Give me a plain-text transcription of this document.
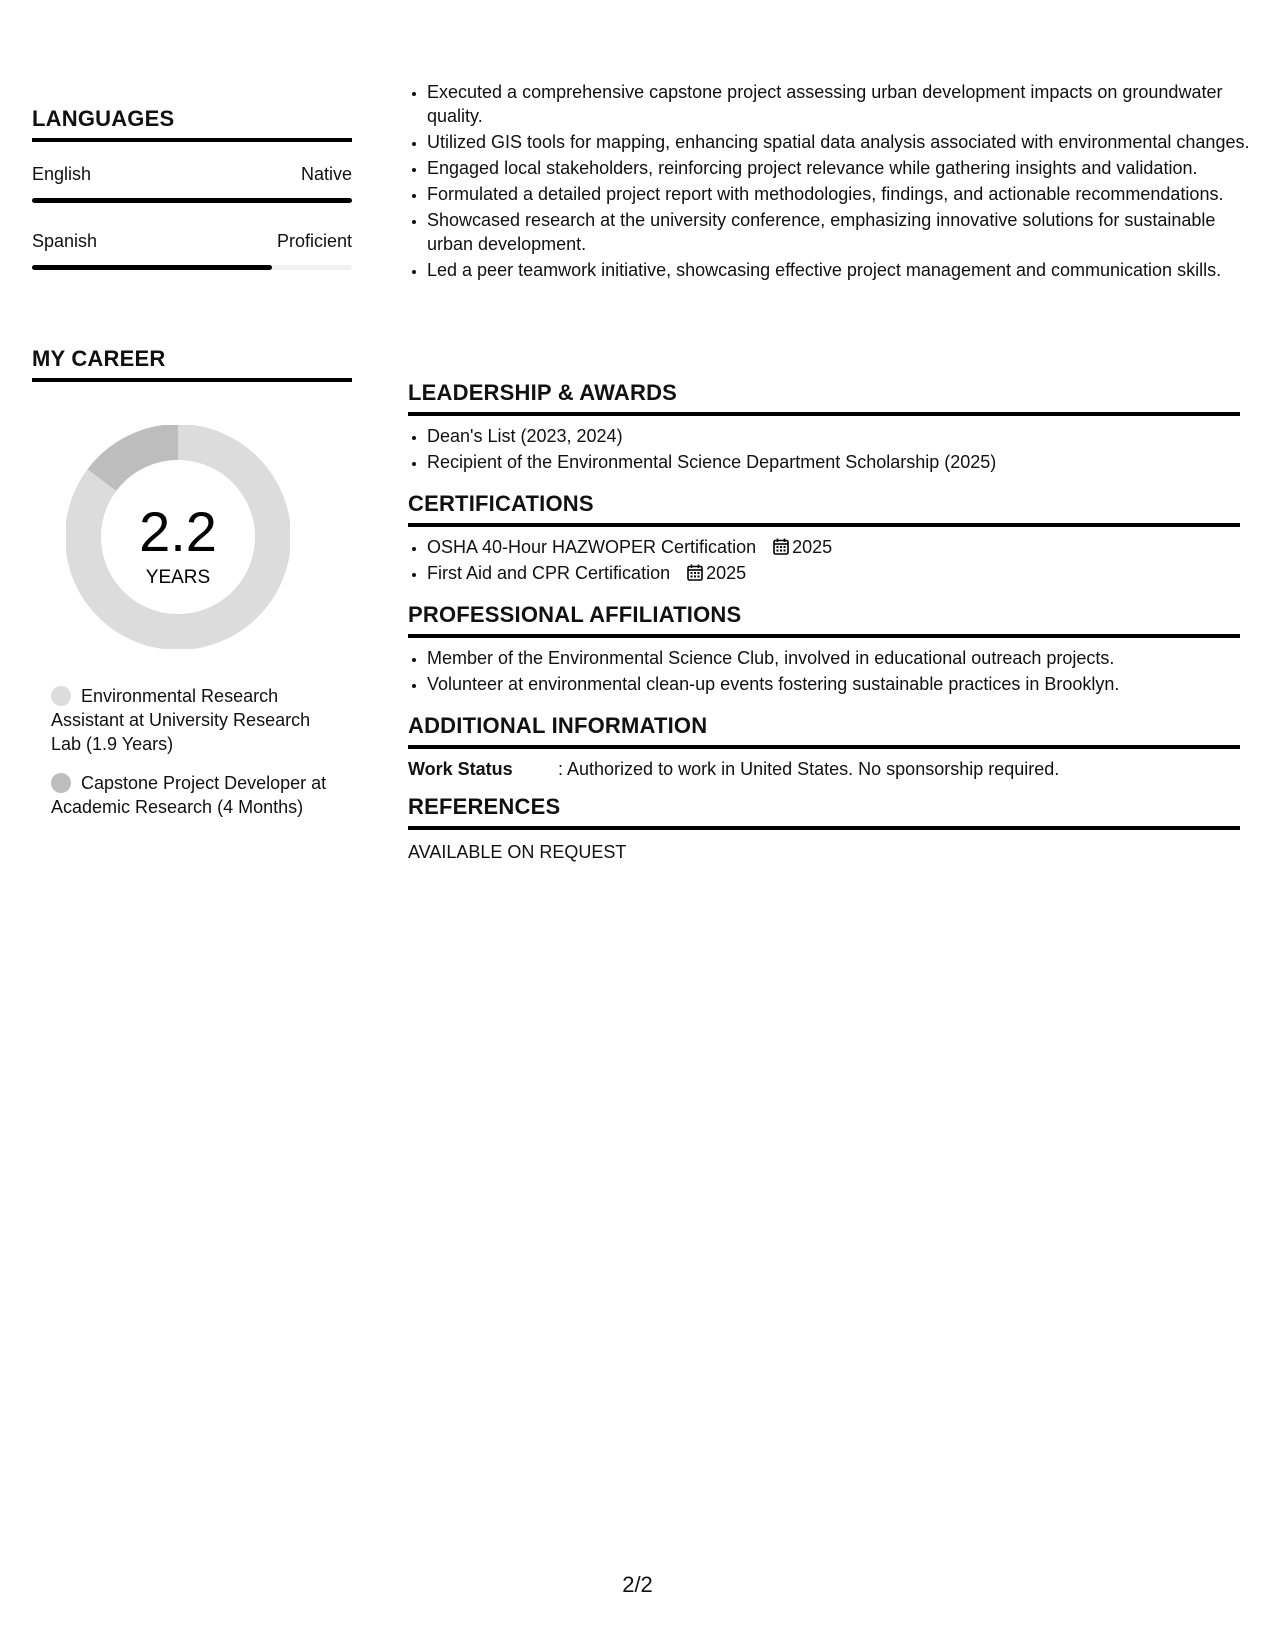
LANGUAGES
English	Native
Spanish	Proficient
MY CAREER
2.2
YEARS
Environmental Research Assistant at University Research Lab (1.9 Years)
Capstone Project Developer at Academic Research (4 Months)
• Executed a comprehensive capstone project assessing urban development impacts on groundwater quality.
• Utilized GIS tools for mapping, enhancing spatial data analysis associated with environmental changes.
• Engaged local stakeholders, reinforcing project relevance while gathering insights and validation.
• Formulated a detailed project report with methodologies, findings, and actionable recommendations.
• Showcased research at the university conference, emphasizing innovative solutions for sustainable urban development.
• Led a peer teamwork initiative, showcasing effective project management and communication skills.
LEADERSHIP & AWARDS
• Dean's List (2023, 2024)
• Recipient of the Environmental Science Department Scholarship (2025)
CERTIFICATIONS
• OSHA 40-Hour HAZWOPER Certification 2025
• First Aid and CPR Certification 2025
PROFESSIONAL AFFILIATIONS
• Member of the Environmental Science Club, involved in educational outreach projects.
• Volunteer at environmental clean-up events fostering sustainable practices in Brooklyn.
ADDITIONAL INFORMATION
Work Status	: Authorized to work in United States. No sponsorship required.
REFERENCES
AVAILABLE ON REQUEST
2/2
